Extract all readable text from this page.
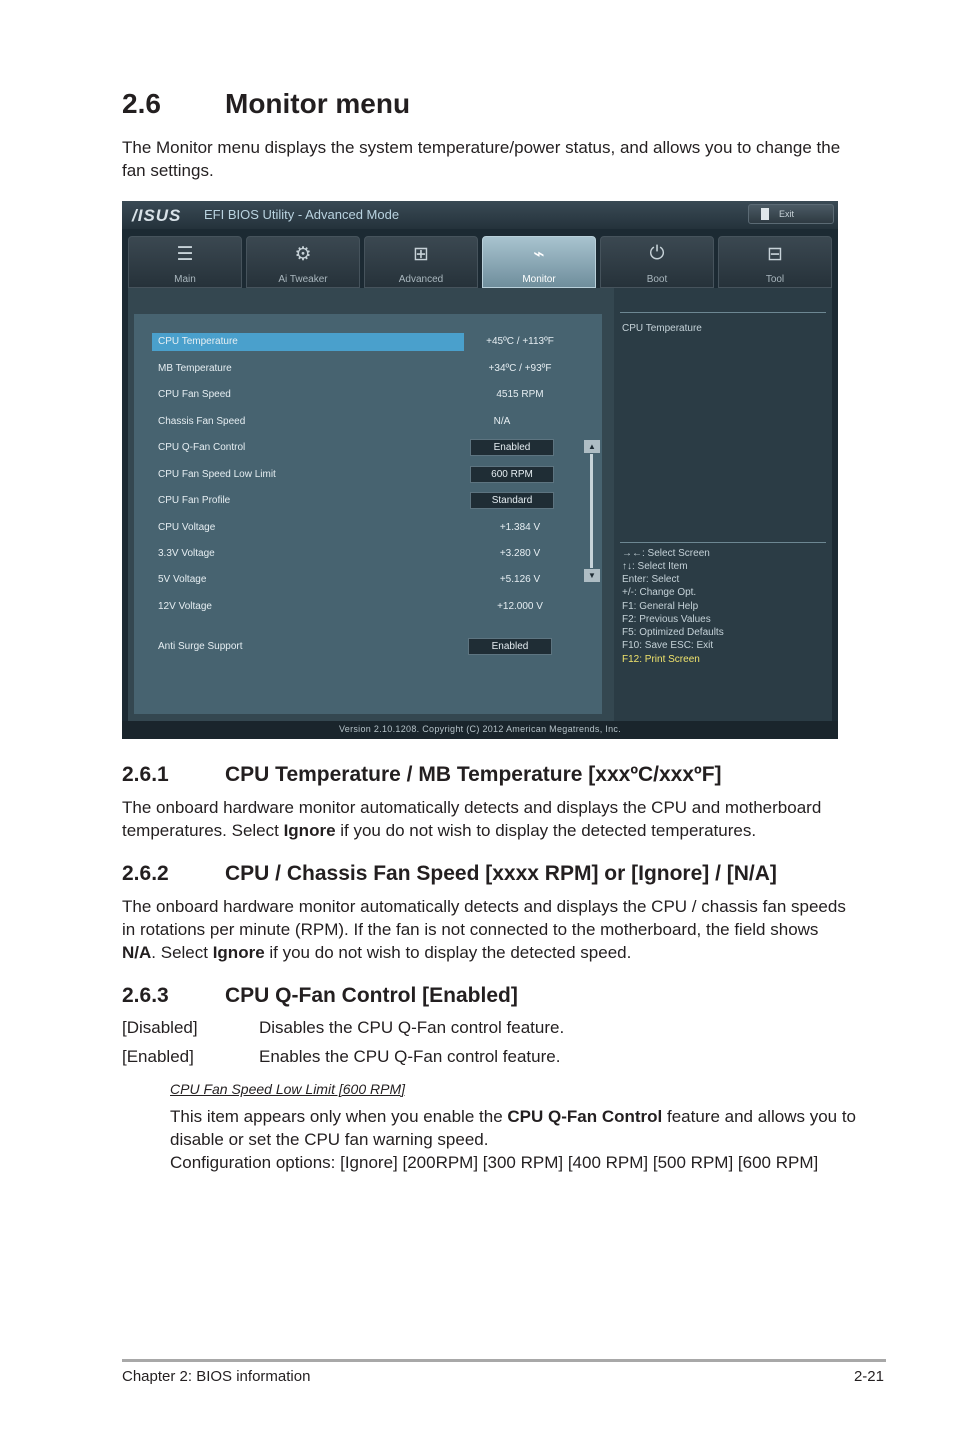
2.6 Monitor menu
The Monitor menu displays the system temperature/power status, and allows you to change the fan settings.
/ISUS EFI BIOS Utility - Advanced Mode	Exit
☰
Main
⚙
Ai Tweaker
⊞
Advanced
⌁
Monitor
⏻
Boot
⊟
Tool
CPU Temperature	+45ºC / +113ºF
MB Temperature	+34ºC / +93ºF
CPU Fan Speed	4515 RPM
Chassis Fan Speed	N/A
CPU Q-Fan Control	Enabled
CPU Fan Speed Low Limit	600 RPM
CPU Fan Profile	Standard
CPU Voltage	+1.384 V
3.3V Voltage	+3.280 V
5V Voltage	+5.126 V
12V Voltage	+12.000 V
Anti Surge Support	Enabled
▲
▼
CPU Temperature
→←: Select Screen
↑↓: Select Item
Enter: Select
+/-: Change Opt.
F1: General Help
F2: Previous Values
F5: Optimized Defaults
F10: Save ESC: Exit
F12: Print Screen
Version 2.10.1208. Copyright (C) 2012 American Megatrends, Inc.
2.6.1	CPU Temperature / MB Temperature [xxxºC/xxxºF]
The onboard hardware monitor automatically detects and displays the CPU and motherboard temperatures. Select Ignore if you do not wish to display the detected temperatures.
2.6.2	CPU / Chassis Fan Speed [xxxx RPM] or [Ignore] / [N/A]
The onboard hardware monitor automatically detects and displays the CPU / chassis fan speeds in rotations per minute (RPM). If the fan is not connected to the motherboard, the field shows N/A. Select Ignore if you do not wish to display the detected speed.
2.6.3	CPU Q-Fan Control [Enabled]
[Disabled]	Disables the CPU Q-Fan control feature.
[Enabled]	Enables the CPU Q-Fan control feature.
CPU Fan Speed Low Limit [600 RPM]
This item appears only when you enable the CPU Q-Fan Control feature and allows you to disable or set the CPU fan warning speed.
Configuration options: [Ignore] [200RPM] [300 RPM] [400 RPM] [500 RPM] [600 RPM]
Chapter 2: BIOS information	2-21
